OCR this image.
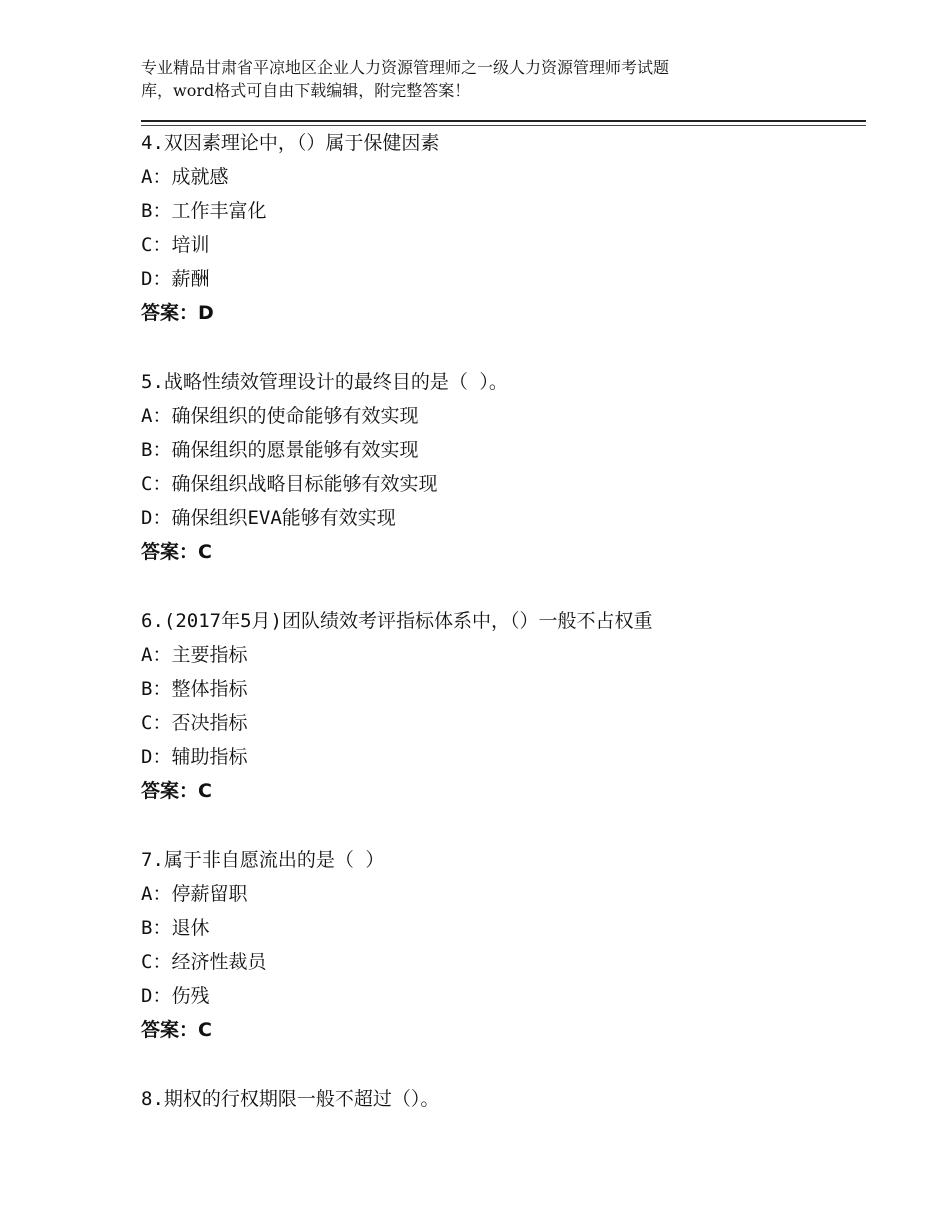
专业精品甘肃省平凉地区企业人力资源管理师之一级人力资源管理师考试题
库，word格式可自由下载编辑，附完整答案！
4.双因素理论中，（）属于保健因素
A：成就感
B：工作丰富化
C：培训
D：薪酬
答案：D
5.战略性绩效管理设计的最终目的是（ ）。
A：确保组织的使命能够有效实现
B：确保组织的愿景能够有效实现
C：确保组织战略目标能够有效实现
D：确保组织EVA能够有效实现
答案：C
6.(2017年5月)团队绩效考评指标体系中，（）一般不占权重
A：主要指标
B：整体指标
C：否决指标
D：辅助指标
答案：C
7.属于非自愿流出的是（ ）
A：停薪留职
B：退休
C：经济性裁员
D：伤残
答案：C
8.期权的行权期限一般不超过（）。
